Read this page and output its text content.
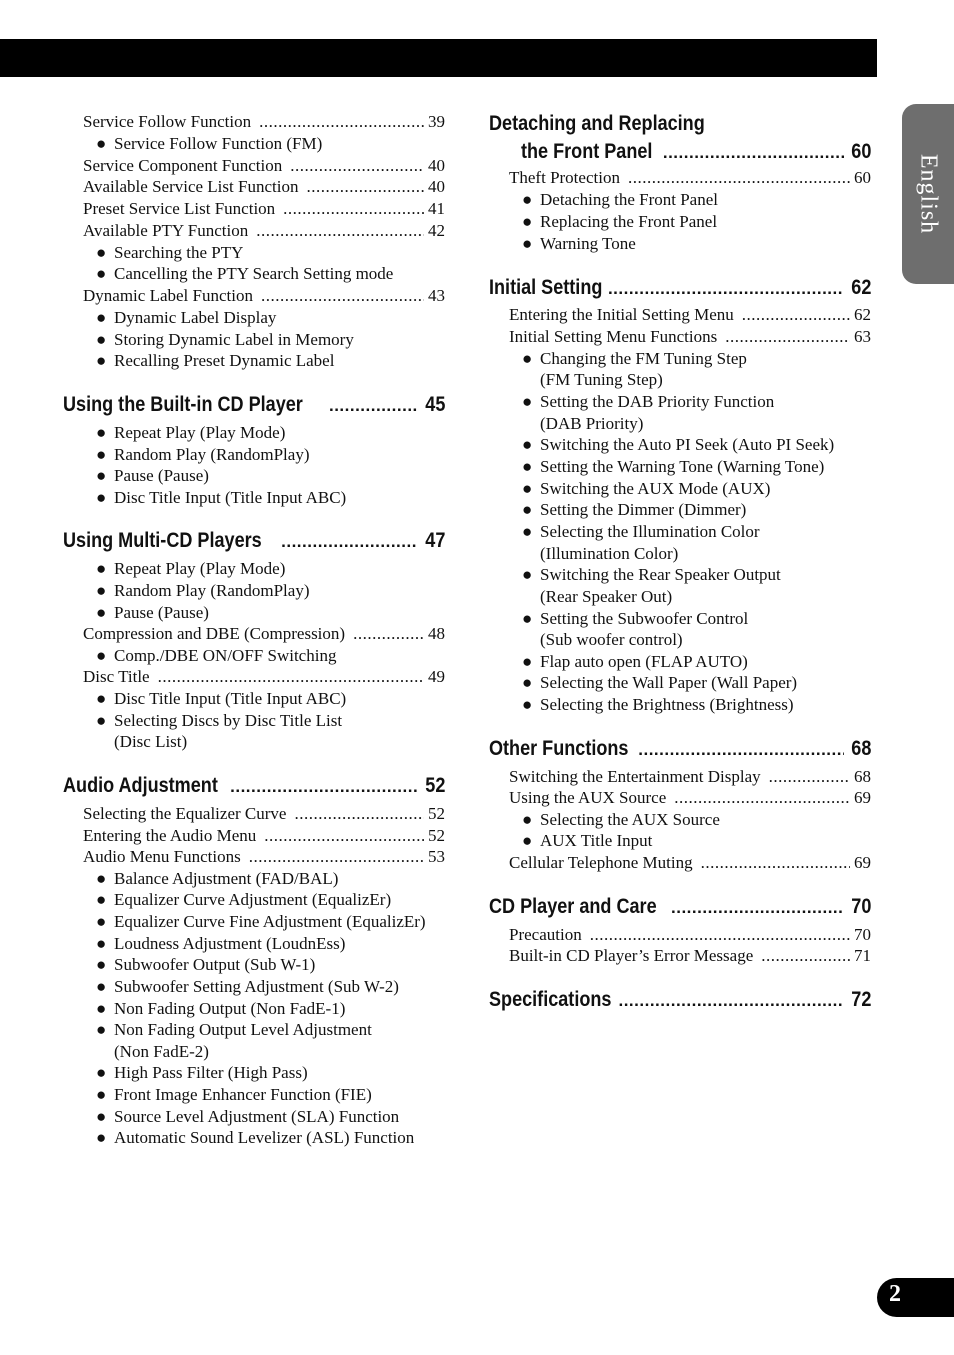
English
2
Service Follow Function .....	39
● Service Follow Function (FM)
Service Component Function .....	40
Available Service List Function .....	40
Preset Service List Function .....	41
Available PTY Function .....	42
● Searching the PTY
● Cancelling the PTY Search Setting mode
Dynamic Label Function .....	43
● Dynamic Label Display
● Storing Dynamic Label in Memory
● Recalling Preset Dynamic Label
Using the Built-in CD Player .....	45
● Repeat Play (Play Mode)
● Random Play (RandomPlay)
● Pause (Pause)
● Disc Title Input (Title Input ABC)
Using Multi-CD Players .....	47
● Repeat Play (Play Mode)
● Random Play (RandomPlay)
● Pause (Pause)
Compression and DBE (Compression) .....	48
● Comp./DBE ON/OFF Switching
Disc Title .....	49
● Disc Title Input (Title Input ABC)
● Selecting Discs by Disc Title List
(Disc List)
Audio Adjustment .....	52
Selecting the Equalizer Curve .....	52
Entering the Audio Menu .....	52
Audio Menu Functions .....	53
● Balance Adjustment (FAD/BAL)
● Equalizer Curve Adjustment (EqualizEr)
● Equalizer Curve Fine Adjustment (EqualizEr)
● Loudness Adjustment (LoudnEss)
● Subwoofer Output (Sub W-1)
● Subwoofer Setting Adjustment (Sub W-2)
● Non Fading Output (Non FadE-1)
● Non Fading Output Level Adjustment
(Non FadE-2)
● High Pass Filter (High Pass)
● Front Image Enhancer Function (FIE)
● Source Level Adjustment (SLA) Function
● Automatic Sound Levelizer (ASL) Function
Detaching and Replacing
the Front Panel .....	60
Theft Protection .....	60
● Detaching the Front Panel
● Replacing the Front Panel
● Warning Tone
Initial Setting .....	62
Entering the Initial Setting Menu .....	62
Initial Setting Menu Functions .....	63
● Changing the FM Tuning Step
(FM Tuning Step)
● Setting the DAB Priority Function
(DAB Priority)
● Switching the Auto PI Seek (Auto PI Seek)
● Setting the Warning Tone (Warning Tone)
● Switching the AUX Mode (AUX)
● Setting the Dimmer (Dimmer)
● Selecting the Illumination Color
(Illumination Color)
● Switching the Rear Speaker Output
(Rear Speaker Out)
● Setting the Subwoofer Control
(Sub woofer control)
● Flap auto open (FLAP AUTO)
● Selecting the Wall Paper (Wall Paper)
● Selecting the Brightness (Brightness)
Other Functions .....	68
Switching the Entertainment Display .....	68
Using the AUX Source .....	69
● Selecting the AUX Source
● AUX Title Input
Cellular Telephone Muting .....	69
CD Player and Care .....	70
Precaution .....	70
Built-in CD Player’s Error Message .....	71
Specifications .....	72
